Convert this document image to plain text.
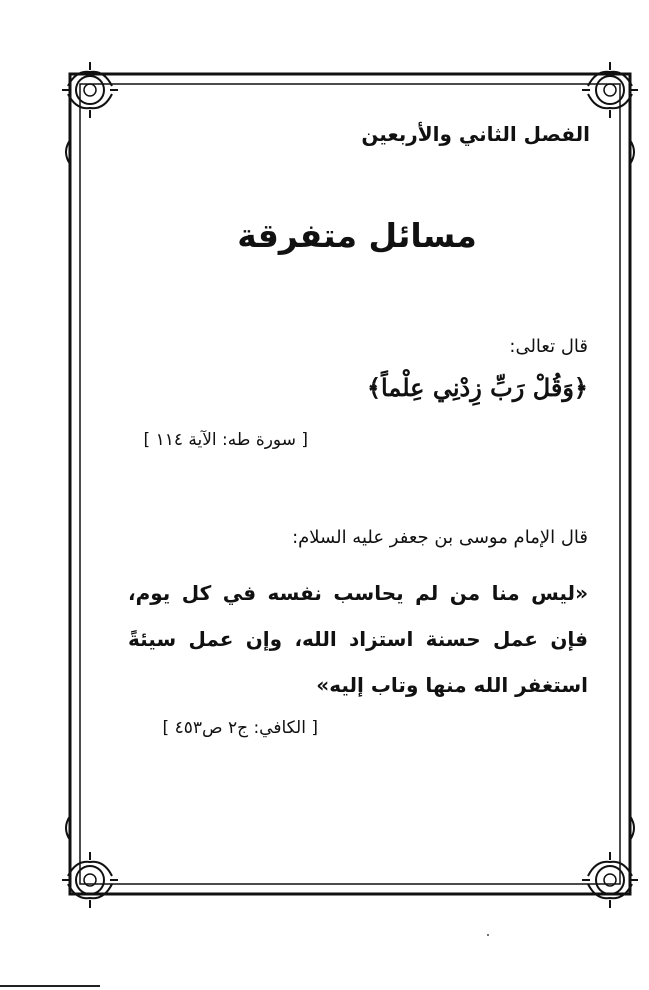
الفصل الثاني والأربعين
مسائل متفرقة
قال تعالى:
﴿وَقُلْ رَبِّ زِدْنِي عِلْماً﴾
[ سورة طه: الآية ١١٤ ]
قال الإمام موسى بن جعفر عليه السلام:
«ليس منا من لم يحاسب نفسه في كل يوم، فإن عمل حسنة استزاد الله، وإن عمل سيئةً استغفر الله منها وتاب إليه»
[ الكافي: ج٢ ص٤٥٣ ]
